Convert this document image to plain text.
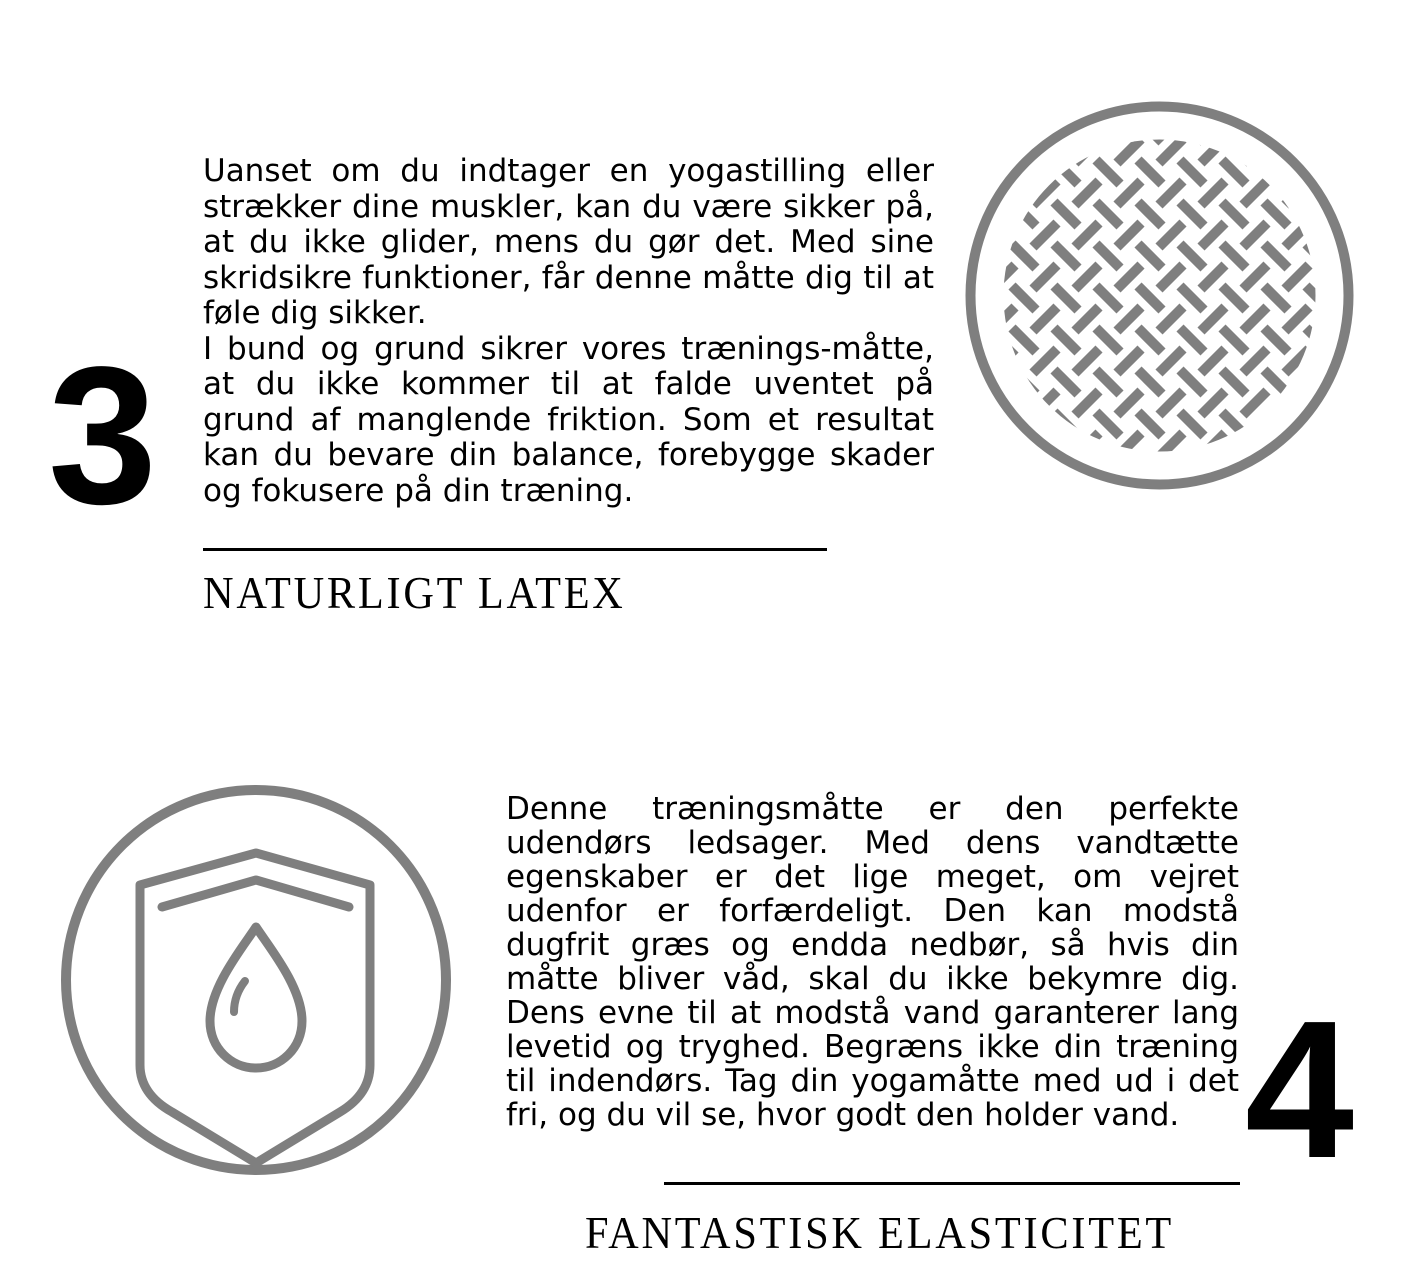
3

Uanset om du indtager en yogastilling eller strækker dine muskler, kan du være sikker på, at du ikke glider, mens du gør det. Med sine skridsikre funktioner, får denne måtte dig til at føle dig sikker.

I bund og grund sikrer vores trænings-måtte, at du ikke kommer til at falde uventet på grund af manglende friktion. Som et resultat kan du bevare din balance, forebygge skader og fokusere på din træning.

NATURLIGT LATEX

Denne træningsmåtte er den perfekte udendørs ledsager. Med dens vandtætte egenskaber er det lige meget, om vejret udenfor er forfærdeligt. Den kan modstå dugfrit græs og endda nedbør, så hvis din måtte bliver våd, skal du ikke bekymre dig. Dens evne til at modstå vand garanterer lang levetid og tryghed. Begræns ikke din træning til indendørs. Tag din yogamåtte med ud i det fri, og du vil se, hvor godt den holder vand. 4
FANTASTISK ELASTICITET
